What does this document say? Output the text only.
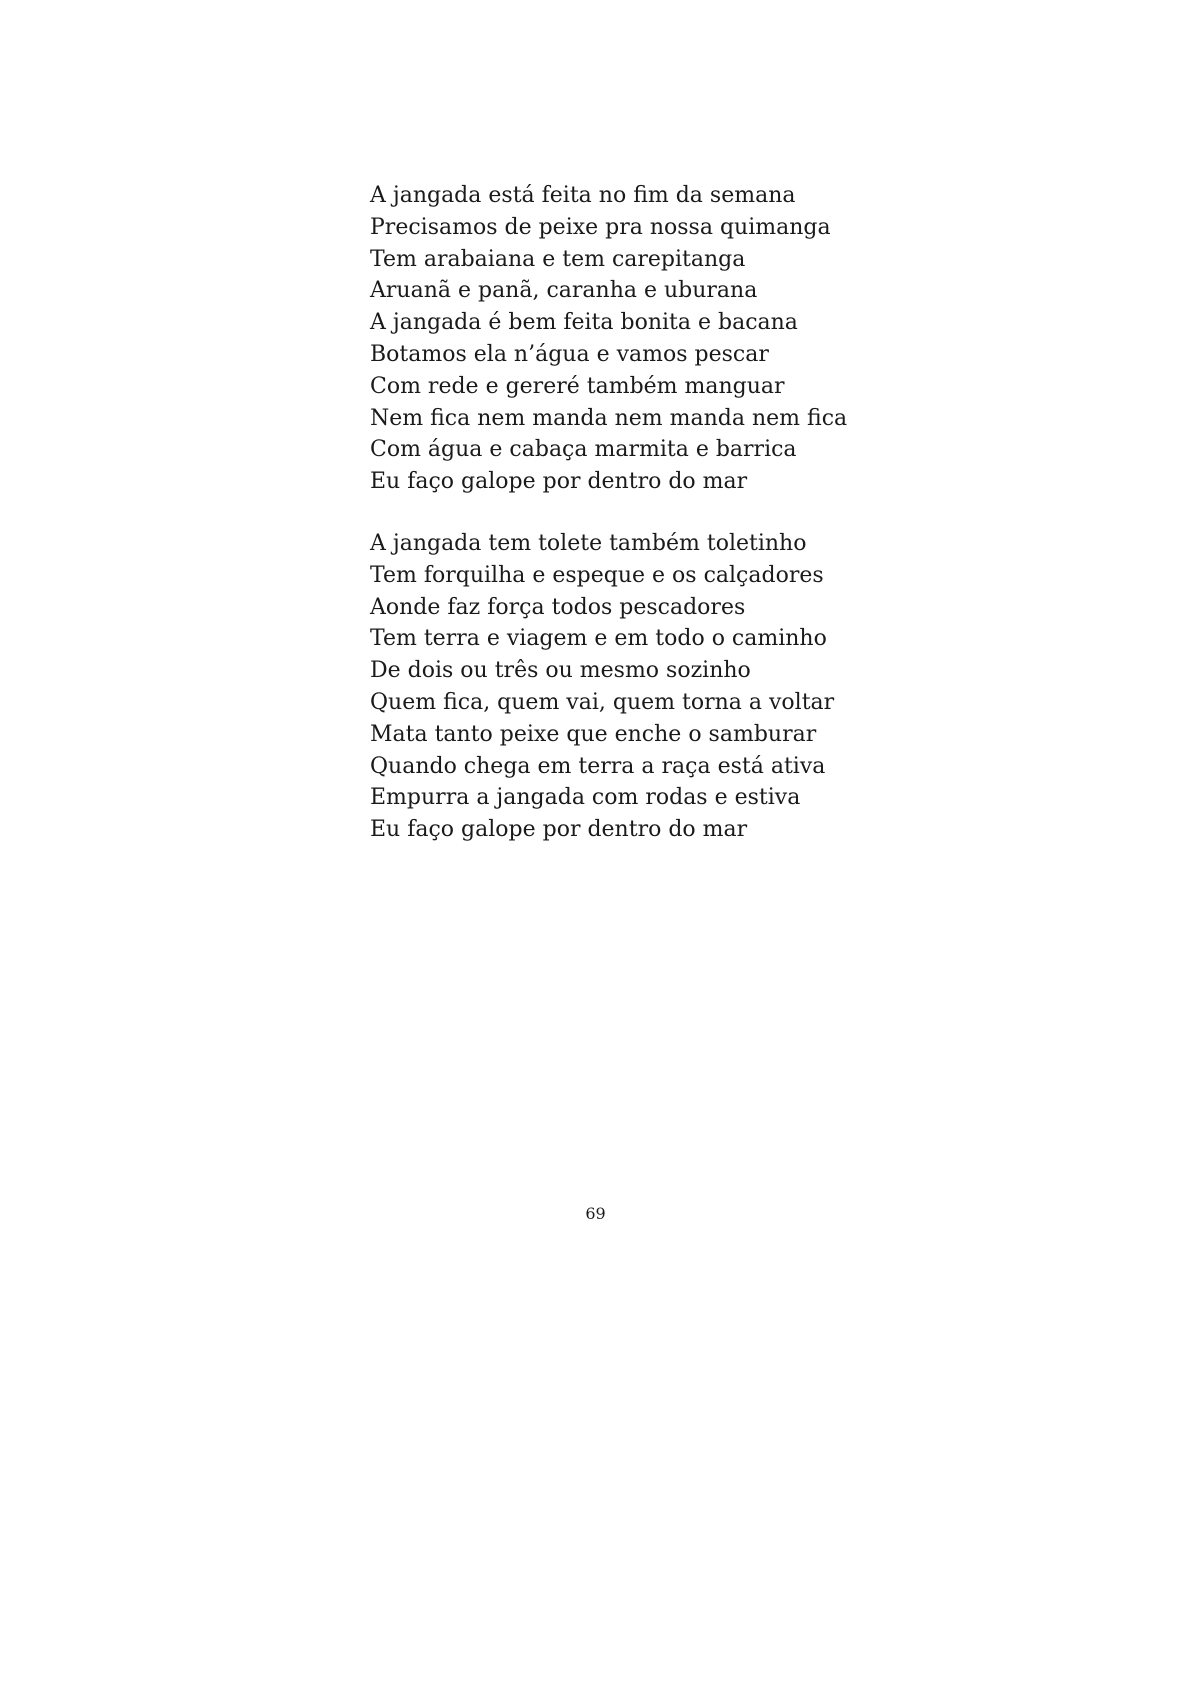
A jangada está feita no fim da semana
Precisamos de peixe pra nossa quimanga
Tem arabaiana e tem carepitanga
Aruanã e panã, caranha e uburana
A jangada é bem feita bonita e bacana
Botamos ela n’água e vamos pescar
Com rede e gereré também manguar
Nem fica nem manda nem manda nem fica
Com água e cabaça marmita e barrica
Eu faço galope por dentro do mar
A jangada tem tolete também toletinho
Tem forquilha e espeque e os calçadores
Aonde faz força todos pescadores
Tem terra e viagem e em todo o caminho
De dois ou três ou mesmo sozinho
Quem fica, quem vai, quem torna a voltar
Mata tanto peixe que enche o samburar
Quando chega em terra a raça está ativa
Empurra a jangada com rodas e estiva
Eu faço galope por dentro do mar
69
